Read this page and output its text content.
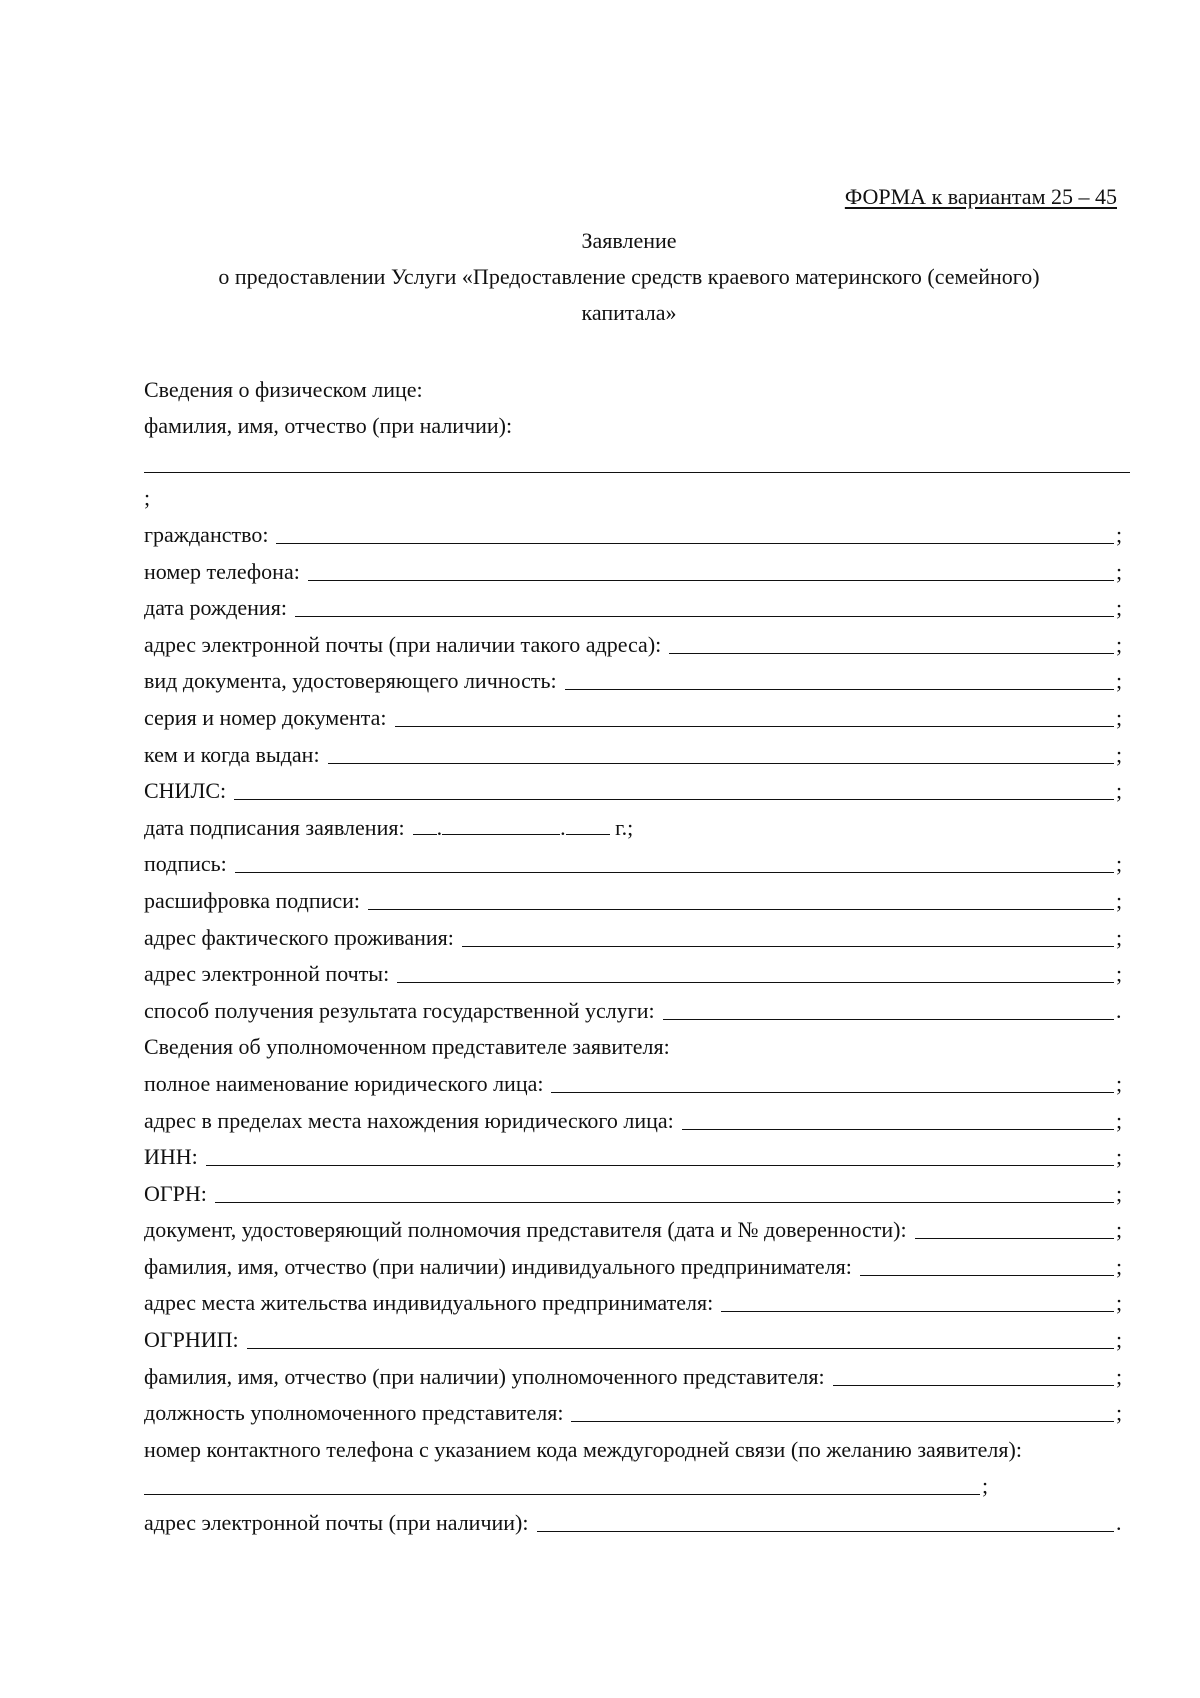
ФОРМА к вариантам 25 – 45
Заявление
о предоставлении Услуги «Предоставление средств краевого материнского (семейного)
капитала»
Сведения о физическом лице:
фамилия, имя, отчество (при наличии):
;
гражданство:	;
номер телефона:	;
дата рождения:	;
адрес электронной почты (при наличии такого адреса):	;
вид документа, удостоверяющего личность:	;
серия и номер документа:	;
кем и когда выдан:	;
СНИЛС:	;
дата подписания заявления: .	.
г.;
подпись:	;
расшифровка подписи:	;
адрес фактического проживания:	;
адрес электронной почты:	;
способ получения результата государственной услуги:	.
Сведения об уполномоченном представителе заявителя:
полное наименование юридического лица:	;
адрес в пределах места нахождения юридического лица:	;
ИНН:	;
ОГРН:	;
документ, удостоверяющий полномочия представителя (дата и № доверенности):	;
фамилия, имя, отчество (при наличии) индивидуального предпринимателя:	;
адрес места жительства индивидуального предпринимателя:	;
ОГРНИП:	;
фамилия, имя, отчество (при наличии) уполномоченного представителя:	;
должность уполномоченного представителя:	;
номер контактного телефона с указанием кода междугородней связи (по желанию заявителя):
;
адрес электронной почты (при наличии):	.
